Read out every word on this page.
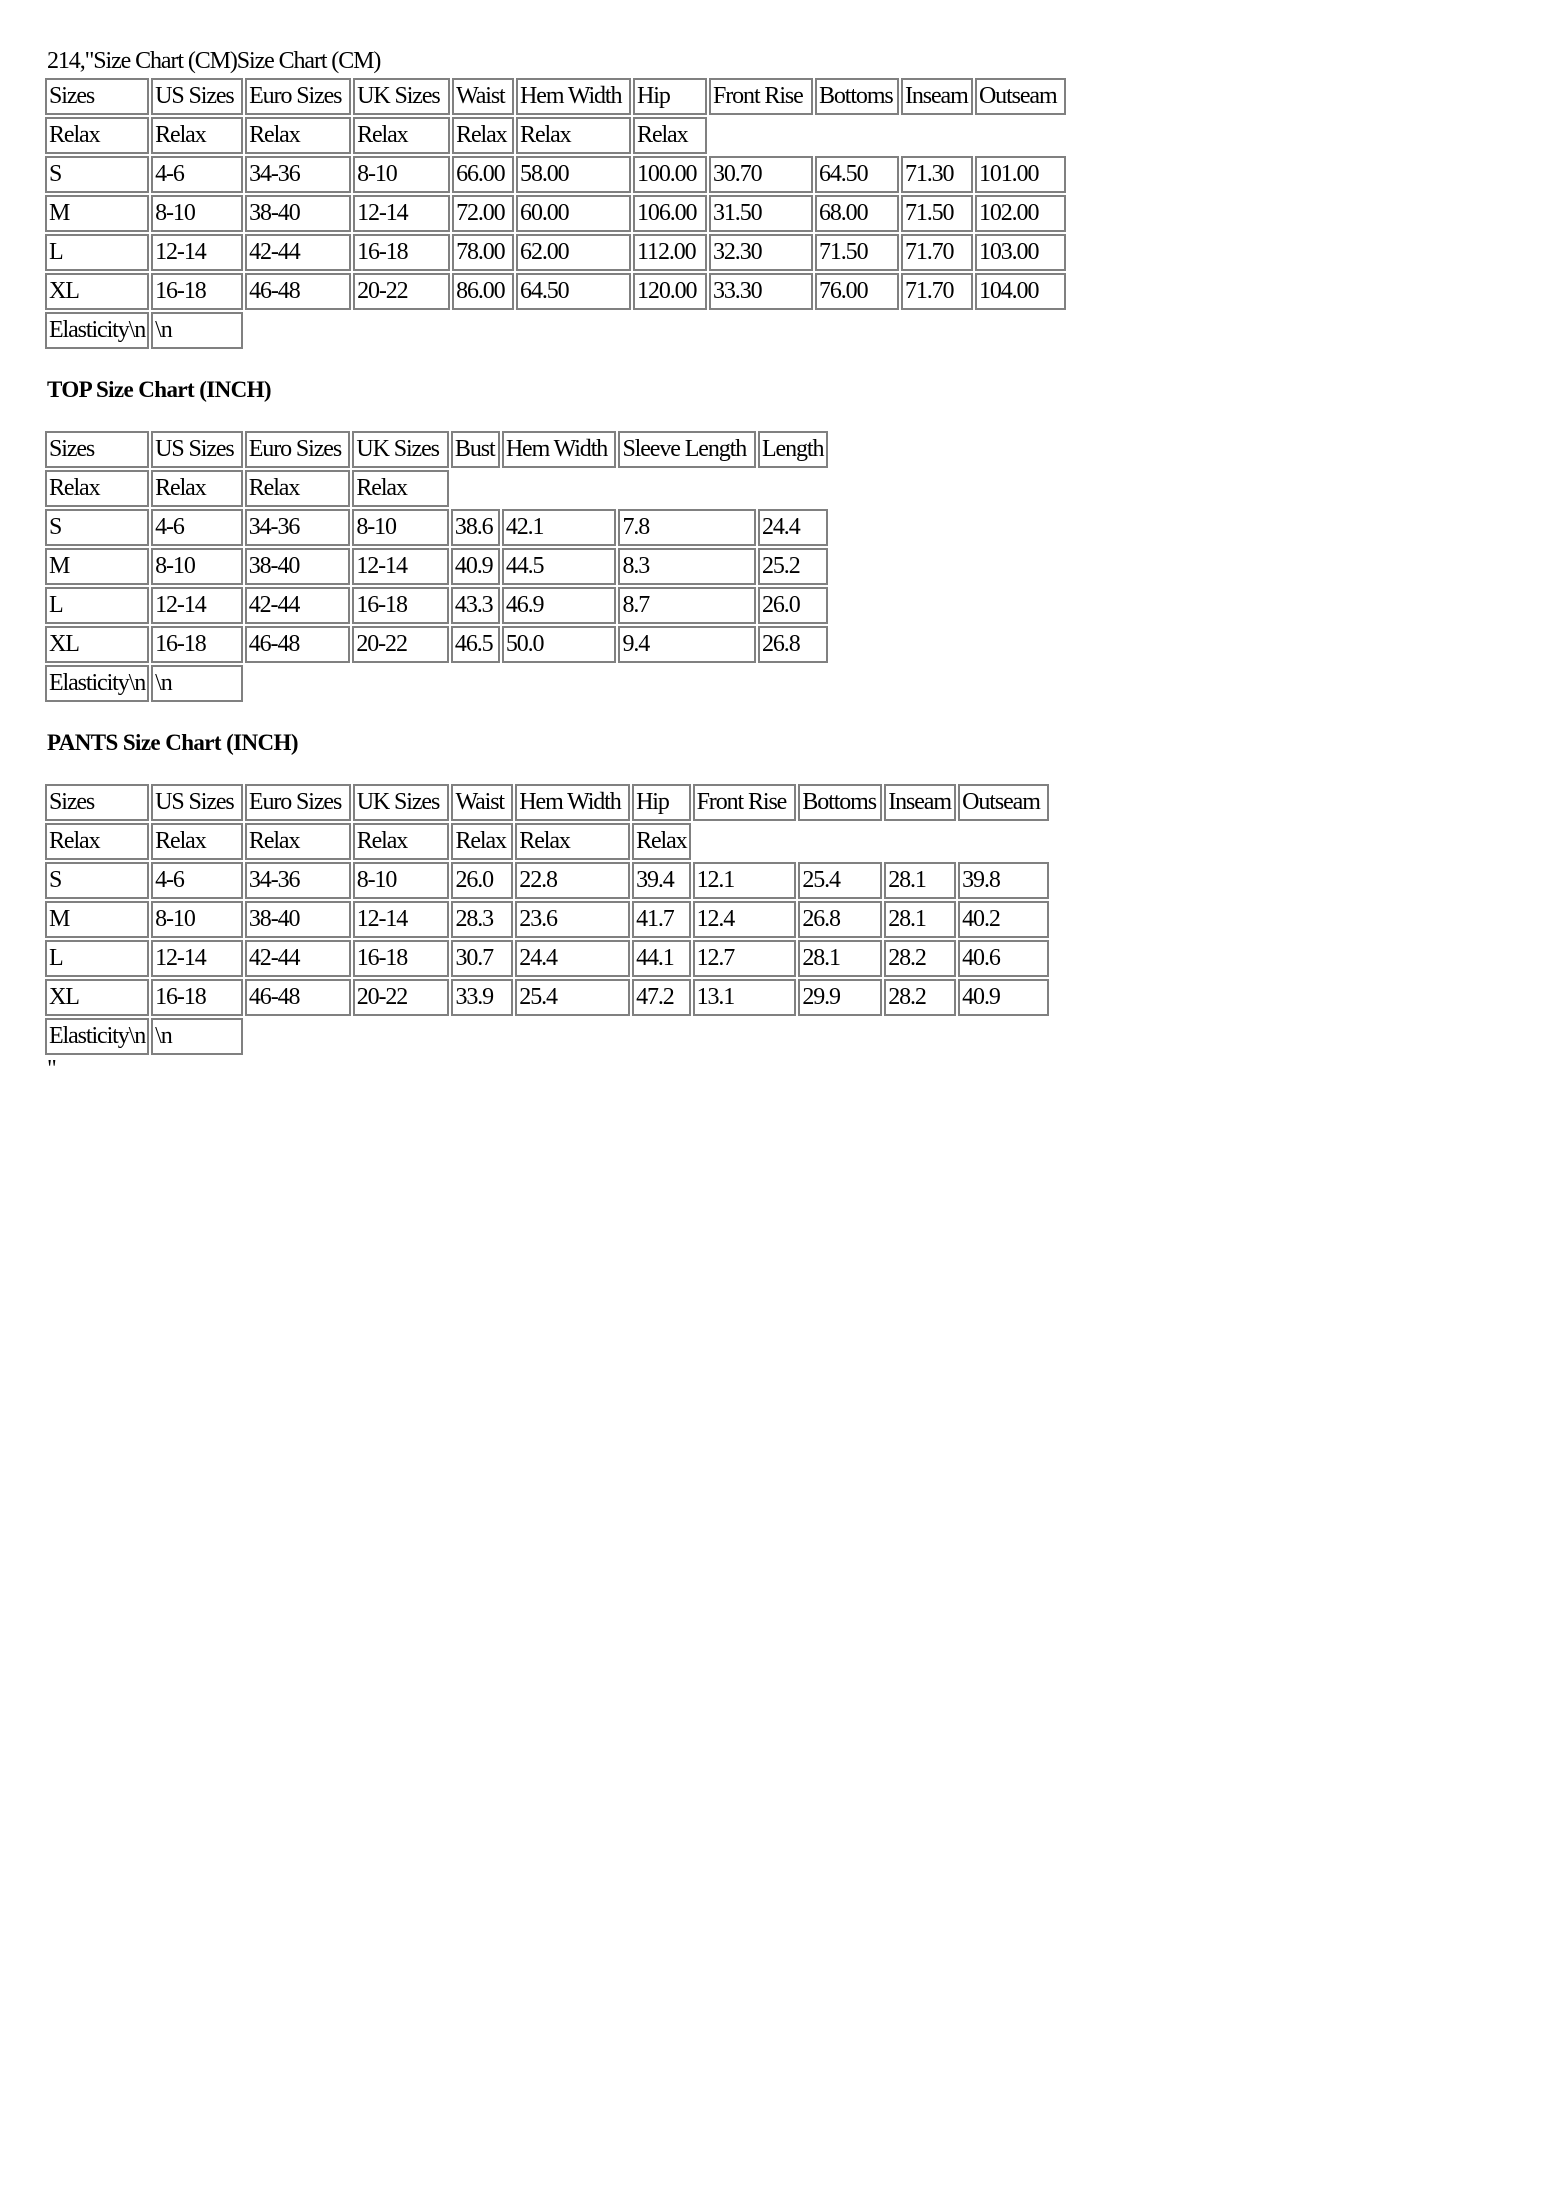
214,"Size Chart (CM)Size Chart (CM)

Sizes	US Sizes	Euro Sizes	UK Sizes	Waist	Hem Width	Hip	Front Rise	Bottoms	Inseam	Outseam
Relax	Relax	Relax	Relax	Relax	Relax	Relax				
S	4-6	34-36	8-10	66.00	58.00	100.00	30.70	64.50	71.30	101.00
M	8-10	38-40	12-14	72.00	60.00	106.00	31.50	68.00	71.50	102.00
L	12-14	42-44	16-18	78.00	62.00	112.00	32.30	71.50	71.70	103.00
XL	16-18	46-48	20-22	86.00	64.50	120.00	33.30	76.00	71.70	104.00
Elasticity\n	\n									

TOP Size Chart (INCH)

Sizes	US Sizes	Euro Sizes	UK Sizes	Bust	Hem Width	Sleeve Length	Length
Relax	Relax	Relax	Relax				
S	4-6	34-36	8-10	38.6	42.1	7.8	24.4
M	8-10	38-40	12-14	40.9	44.5	8.3	25.2
L	12-14	42-44	16-18	43.3	46.9	8.7	26.0
XL	16-18	46-48	20-22	46.5	50.0	9.4	26.8
Elasticity\n	\n						

PANTS Size Chart (INCH)

Sizes	US Sizes	Euro Sizes	UK Sizes	Waist	Hem Width	Hip	Front Rise	Bottoms	Inseam	Outseam
Relax	Relax	Relax	Relax	Relax	Relax	Relax				
S	4-6	34-36	8-10	26.0	22.8	39.4	12.1	25.4	28.1	39.8
M	8-10	38-40	12-14	28.3	23.6	41.7	12.4	26.8	28.1	40.2
L	12-14	42-44	16-18	30.7	24.4	44.1	12.7	28.1	28.2	40.6
XL	16-18	46-48	20-22	33.9	25.4	47.2	13.1	29.9	28.2	40.9
Elasticity\n	\n									

"
